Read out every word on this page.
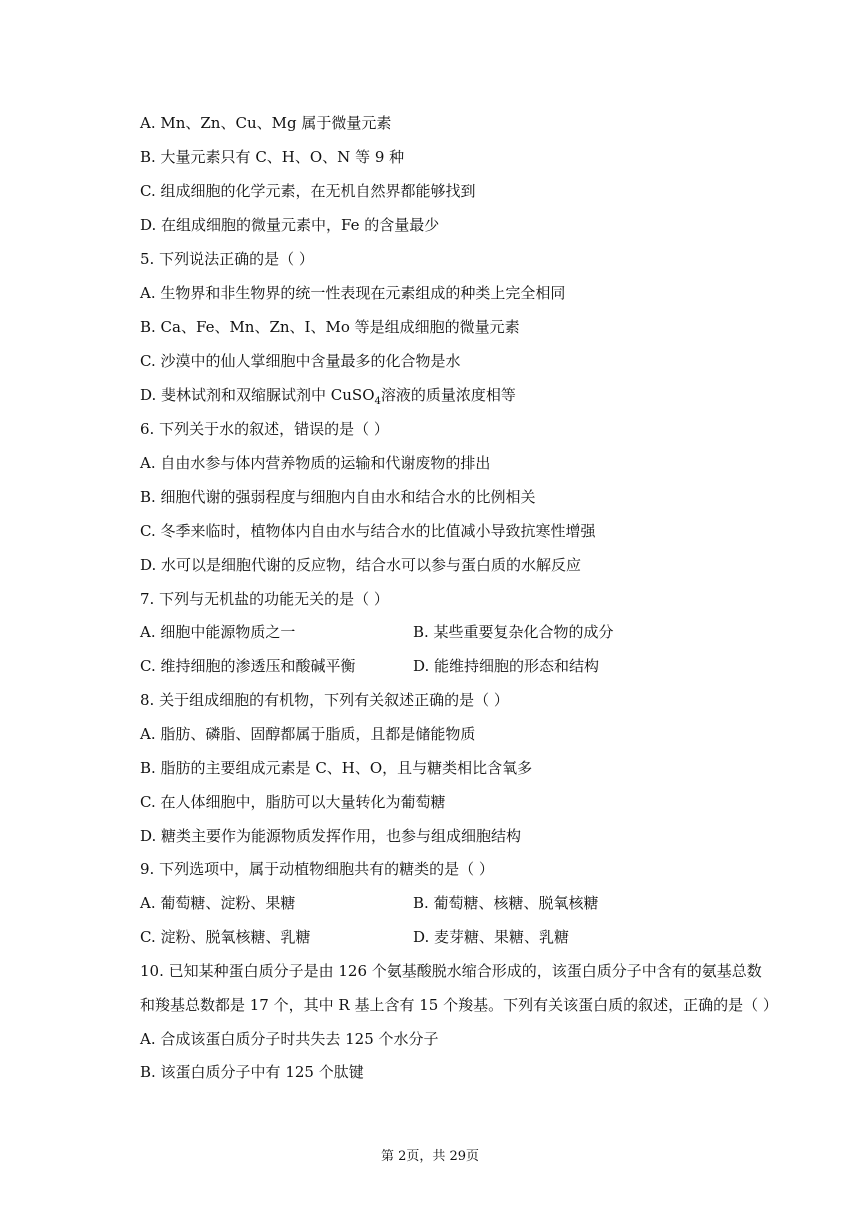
A. Mn、Zn、Cu、Mg 属于微量元素
B. 大量元素只有 C、H、O、N 等 9 种
C. 组成细胞的化学元素，在无机自然界都能够找到
D. 在组成细胞的微量元素中，Fe 的含量最少
5. 下列说法正确的是（ ）
A. 生物界和非生物界的统一性表现在元素组成的种类上完全相同
B. Ca、Fe、Mn、Zn、I、Mo 等是组成细胞的微量元素
C. 沙漠中的仙人掌细胞中含量最多的化合物是水
D. 斐林试剂和双缩脲试剂中 CuSO$_4$溶液的质量浓度相等
6. 下列关于水的叙述，错误的是（ ）
A. 自由水参与体内营养物质的运输和代谢废物的排出
B. 细胞代谢的强弱程度与细胞内自由水和结合水的比例相关
C. 冬季来临时，植物体内自由水与结合水的比值减小导致抗寒性增强
D. 水可以是细胞代谢的反应物，结合水可以参与蛋白质的水解反应
7. 下列与无机盐的功能无关的是（ ）
A. 细胞中能源物质之一	B. 某些重要复杂化合物的成分
C. 维持细胞的渗透压和酸碱平衡	D. 能维持细胞的形态和结构
8. 关于组成细胞的有机物，下列有关叙述正确的是（ ）
A. 脂肪、磷脂、固醇都属于脂质，且都是储能物质
B. 脂肪的主要组成元素是 C、H、O，且与糖类相比含氧多
C. 在人体细胞中，脂肪可以大量转化为葡萄糖
D. 糖类主要作为能源物质发挥作用，也参与组成细胞结构
9. 下列选项中，属于动植物细胞共有的糖类的是（ ）
A. 葡萄糖、淀粉、果糖	B. 葡萄糖、核糖、脱氧核糖
C. 淀粉、脱氧核糖、乳糖	D. 麦芽糖、果糖、乳糖
10. 已知某种蛋白质分子是由 126 个氨基酸脱水缩合形成的，该蛋白质分子中含有的氨基总数
和羧基总数都是 17 个，其中 R 基上含有 15 个羧基。下列有关该蛋白质的叙述，正确的是（ ）
A. 合成该蛋白质分子时共失去 125 个水分子
B. 该蛋白质分子中有 125 个肽键
第 2页，共 29页
